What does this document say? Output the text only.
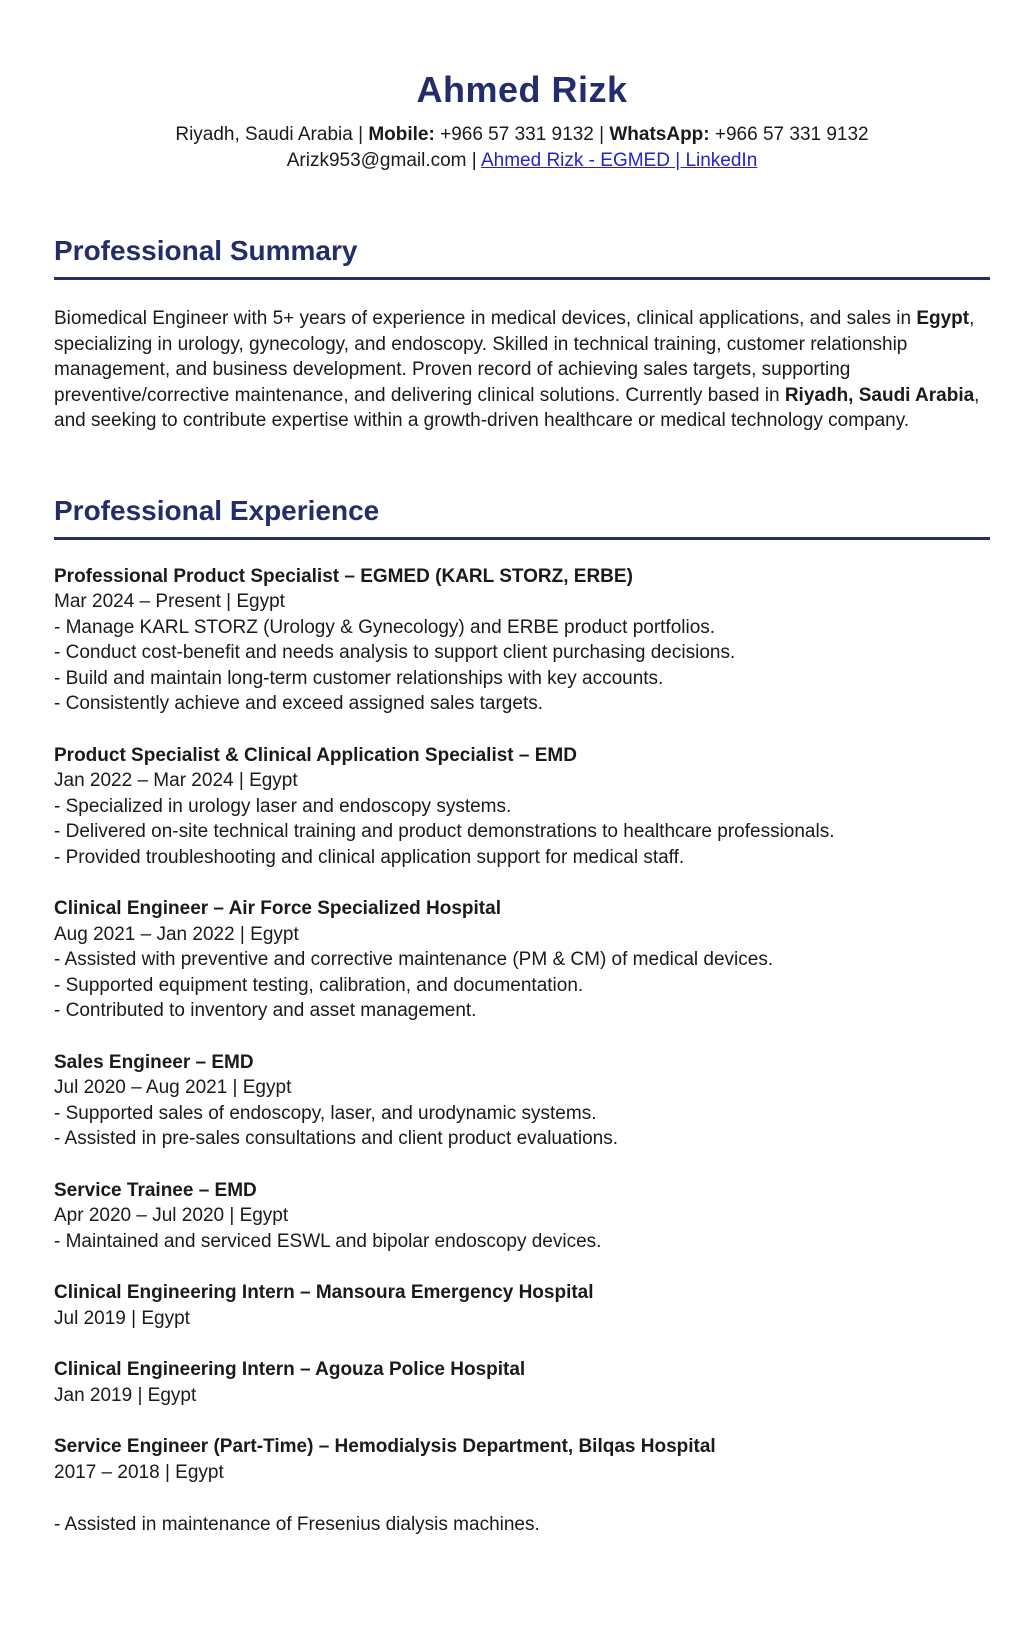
Ahmed Rizk
Riyadh, Saudi Arabia | Mobile: +966 57 331 9132 | WhatsApp: +966 57 331 9132
Arizk953@gmail.com | Ahmed Rizk - EGMED | LinkedIn
Professional Summary

Biomedical Engineer with 5+ years of experience in medical devices, clinical applications, and sales in Egypt, specializing in urology, gynecology, and endoscopy. Skilled in technical training, customer relationship management, and business development. Proven record of achieving sales targets, supporting preventive/corrective maintenance, and delivering clinical solutions. Currently based in Riyadh, Saudi Arabia, and seeking to contribute expertise within a growth-driven healthcare or medical technology company.

Professional Experience

Professional Product Specialist – EGMED (KARL STORZ, ERBE)

Mar 2024 – Present | Egypt

- Manage KARL STORZ (Urology & Gynecology) and ERBE product portfolios.

- Conduct cost-benefit and needs analysis to support client purchasing decisions.

- Build and maintain long-term customer relationships with key accounts.

- Consistently achieve and exceed assigned sales targets.

Product Specialist & Clinical Application Specialist – EMD

Jan 2022 – Mar 2024 | Egypt

- Specialized in urology laser and endoscopy systems.

- Delivered on-site technical training and product demonstrations to healthcare professionals.

- Provided troubleshooting and clinical application support for medical staff.

Clinical Engineer – Air Force Specialized Hospital

Aug 2021 – Jan 2022 | Egypt

- Assisted with preventive and corrective maintenance (PM & CM) of medical devices.

- Supported equipment testing, calibration, and documentation.

- Contributed to inventory and asset management.

Sales Engineer – EMD

Jul 2020 – Aug 2021 | Egypt

- Supported sales of endoscopy, laser, and urodynamic systems.

- Assisted in pre-sales consultations and client product evaluations.

Service Trainee – EMD

Apr 2020 – Jul 2020 | Egypt

- Maintained and serviced ESWL and bipolar endoscopy devices.

Clinical Engineering Intern – Mansoura Emergency Hospital

Jul 2019 | Egypt

Clinical Engineering Intern – Agouza Police Hospital

Jan 2019 | Egypt

Service Engineer (Part-Time) – Hemodialysis Department, Bilqas Hospital

2017 – 2018 | Egypt

- Assisted in maintenance of Fresenius dialysis machines.
